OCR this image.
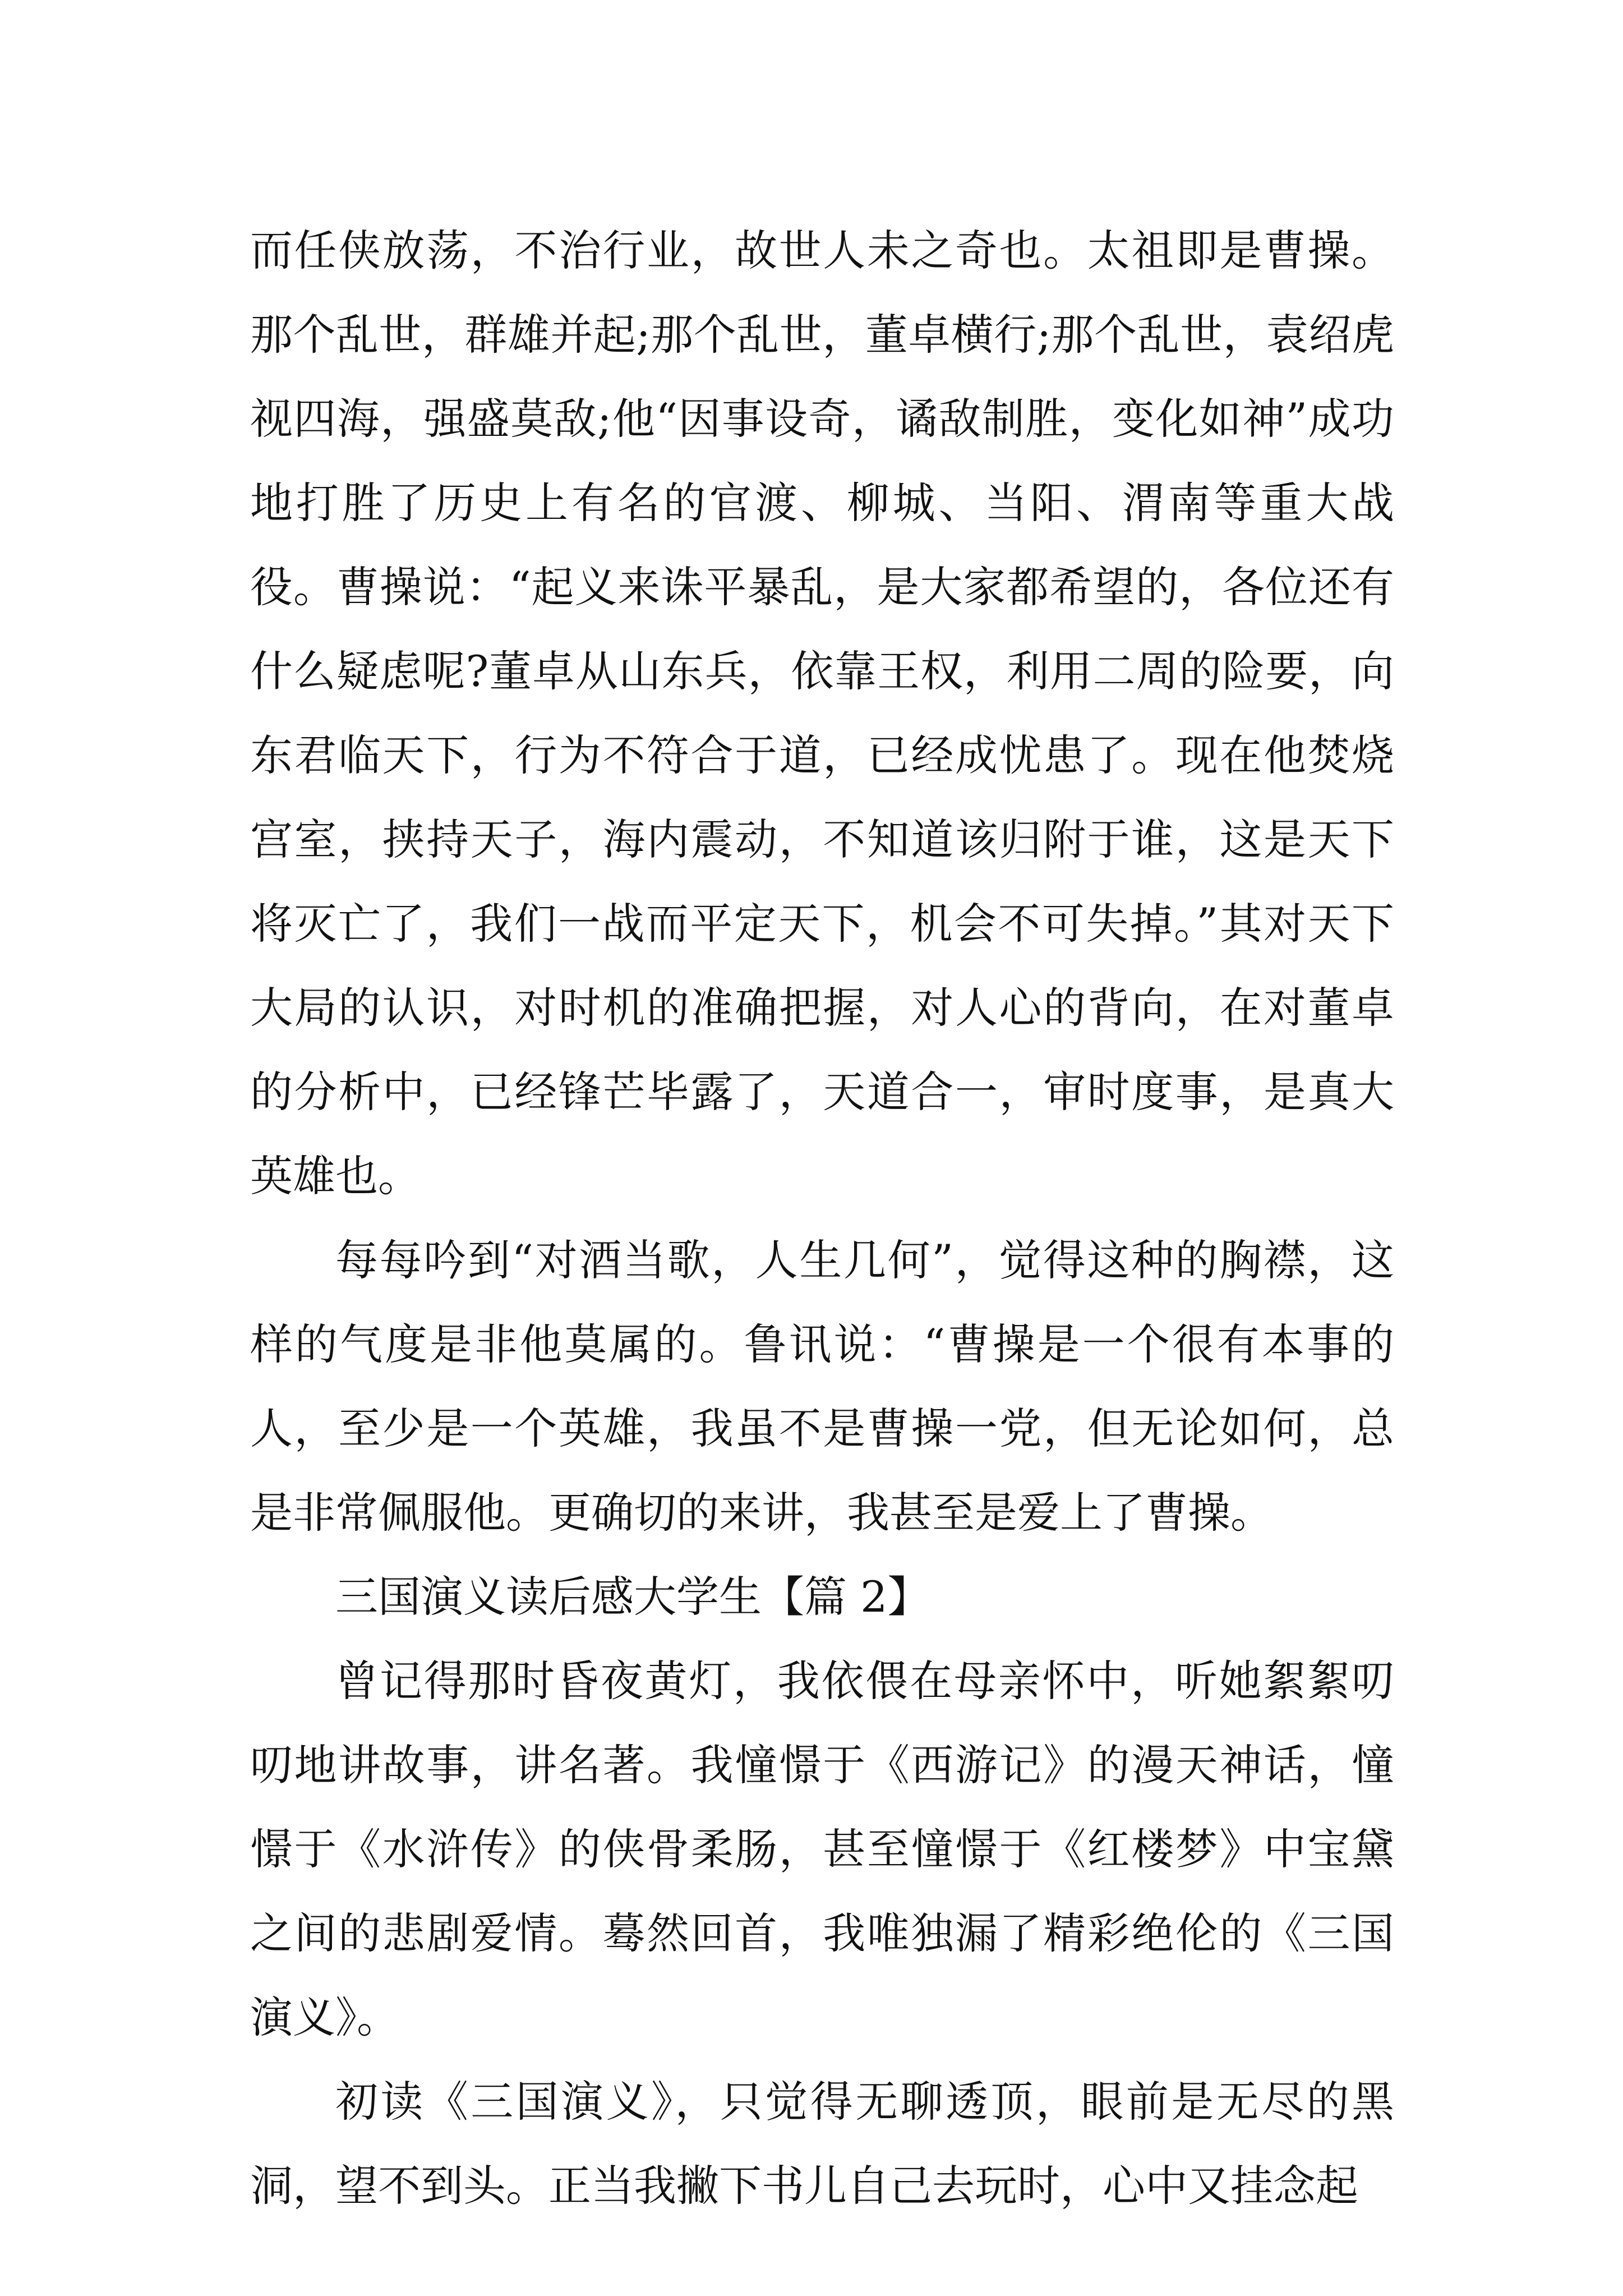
而任侠放荡，不治行业，故世人未之奇也。太祖即是曹操。那个乱世，群雄并起;那个乱世，董卓横行;那个乱世，袁绍虎视四海，强盛莫敌;他“因事设奇，谲敌制胜，变化如神”成功地打胜了历史上有名的官渡、柳城、当阳、渭南等重大战役。曹操说：“起义来诛平暴乱，是大家都希望的，各位还有什么疑虑呢?董卓从山东兵，依靠王权，利用二周的险要，向东君临天下，行为不符合于道，已经成忧患了。现在他焚烧宫室，挟持天子，海内震动，不知道该归附于谁，这是天下将灭亡了，我们一战而平定天下，机会不可失掉。”其对天下大局的认识，对时机的准确把握，对人心的背向，在对董卓的分析中，已经锋芒毕露了，天道合一，审时度事，是真大英雄也。

每每吟到“对酒当歌，人生几何”，觉得这种的胸襟，这样的气度是非他莫属的。鲁讯说：“曹操是一个很有本事的人，至少是一个英雄，我虽不是曹操一党，但无论如何，总是非常佩服他。更确切的来讲，我甚至是爱上了曹操。

三国演义读后感大学生【篇 2】

曾记得那时昏夜黄灯，我依偎在母亲怀中，听她絮絮叨叨地讲故事，讲名著。我憧憬于《西游记》的漫天神话，憧憬于《水浒传》的侠骨柔肠，甚至憧憬于《红楼梦》中宝黛之间的悲剧爱情。蓦然回首，我唯独漏了精彩绝伦的《三国演义》。

初读《三国演义》，只觉得无聊透顶，眼前是无尽的黑洞，望不到头。正当我撇下书儿自己去玩时，心中又挂念起
